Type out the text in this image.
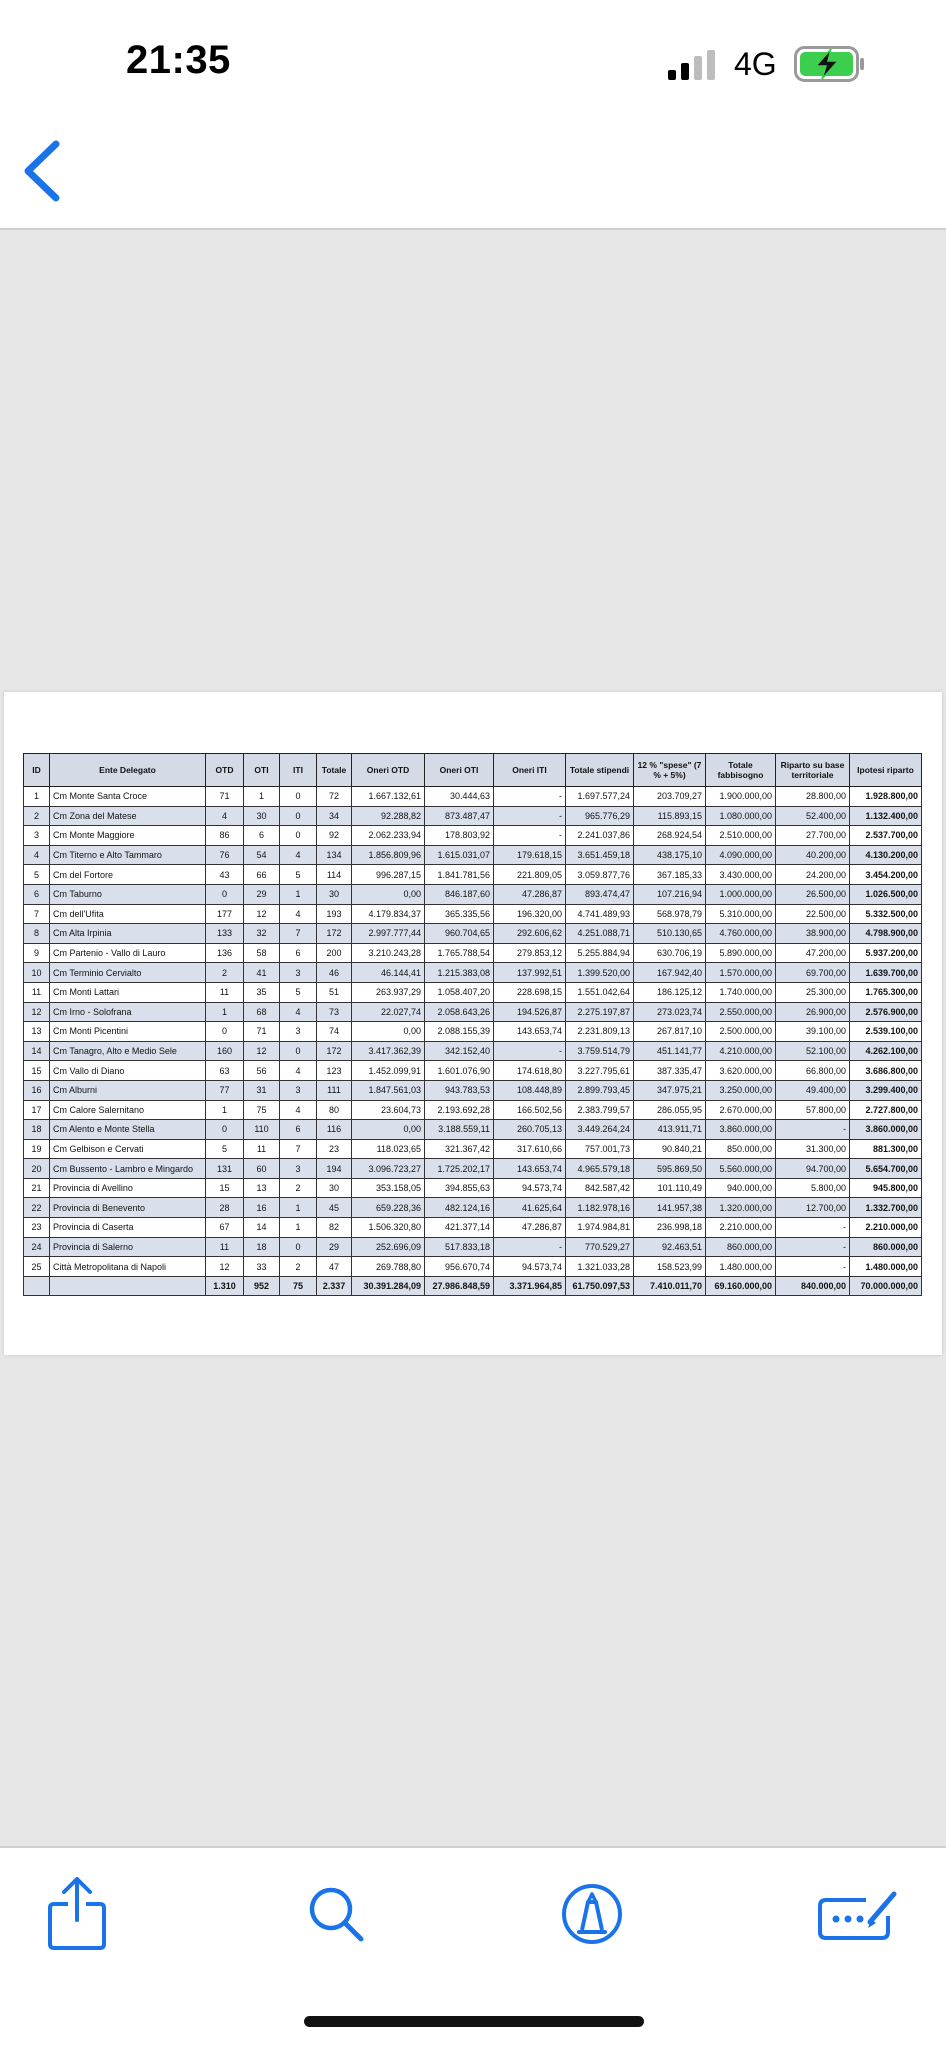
21:35	4G
ID	Ente Delegato	OTD	OTI	ITI	Totale	Oneri OTD	Oneri OTI	Oneri ITI	Totale stipendi	12 % "spese" (7 % + 5%)	Totale fabbisogno	Riparto su base territoriale	Ipotesi riparto
1	Cm Monte Santa Croce	71	1	0	72	1.667.132,61	30.444,63	-	1.697.577,24	203.709,27	1.900.000,00	28.800,00	1.928.800,00
2	Cm Zona del Matese	4	30	0	34	92.288,82	873.487,47	-	965.776,29	115.893,15	1.080.000,00	52.400,00	1.132.400,00
3	Cm Monte Maggiore	86	6	0	92	2.062.233,94	178.803,92	-	2.241.037,86	268.924,54	2.510.000,00	27.700,00	2.537.700,00
4	Cm Titerno e Alto Tammaro	76	54	4	134	1.856.809,96	1.615.031,07	179.618,15	3.651.459,18	438.175,10	4.090.000,00	40.200,00	4.130.200,00
5	Cm del Fortore	43	66	5	114	996.287,15	1.841.781,56	221.809,05	3.059.877,76	367.185,33	3.430.000,00	24.200,00	3.454.200,00
6	Cm Taburno	0	29	1	30	0,00	846.187,60	47.286,87	893.474,47	107.216,94	1.000.000,00	26.500,00	1.026.500,00
7	Cm dell'Ufita	177	12	4	193	4.179.834,37	365.335,56	196.320,00	4.741.489,93	568.978,79	5.310.000,00	22.500,00	5.332.500,00
8	Cm Alta Irpinia	133	32	7	172	2.997.777,44	960.704,65	292.606,62	4.251.088,71	510.130,65	4.760.000,00	38.900,00	4.798.900,00
9	Cm Partenio - Vallo di Lauro	136	58	6	200	3.210.243,28	1.765.788,54	279.853,12	5.255.884,94	630.706,19	5.890.000,00	47.200,00	5.937.200,00
10	Cm Terminio Cervialto	2	41	3	46	46.144,41	1.215.383,08	137.992,51	1.399.520,00	167.942,40	1.570.000,00	69.700,00	1.639.700,00
11	Cm Monti Lattari	11	35	5	51	263.937,29	1.058.407,20	228.698,15	1.551.042,64	186.125,12	1.740.000,00	25.300,00	1.765.300,00
12	Cm Irno - Solofrana	1	68	4	73	22.027,74	2.058.643,26	194.526,87	2.275.197,87	273.023,74	2.550.000,00	26.900,00	2.576.900,00
13	Cm Monti Picentini	0	71	3	74	0,00	2.088.155,39	143.653,74	2.231.809,13	267.817,10	2.500.000,00	39.100,00	2.539.100,00
14	Cm Tanagro, Alto e Medio Sele	160	12	0	172	3.417.362,39	342.152,40	-	3.759.514,79	451.141,77	4.210.000,00	52.100,00	4.262.100,00
15	Cm Vallo di Diano	63	56	4	123	1.452.099,91	1.601.076,90	174.618,80	3.227.795,61	387.335,47	3.620.000,00	66.800,00	3.686.800,00
16	Cm Alburni	77	31	3	111	1.847.561,03	943.783,53	108.448,89	2.899.793,45	347.975,21	3.250.000,00	49.400,00	3.299.400,00
17	Cm Calore Salernitano	1	75	4	80	23.604,73	2.193.692,28	166.502,56	2.383.799,57	286.055,95	2.670.000,00	57.800,00	2.727.800,00
18	Cm Alento e Monte Stella	0	110	6	116	0,00	3.188.559,11	260.705,13	3.449.264,24	413.911,71	3.860.000,00	-	3.860.000,00
19	Cm Gelbison e Cervati	5	11	7	23	118.023,65	321.367,42	317.610,66	757.001,73	90.840,21	850.000,00	31.300,00	881.300,00
20	Cm Bussento - Lambro e Mingardo	131	60	3	194	3.096.723,27	1.725.202,17	143.653,74	4.965.579,18	595.869,50	5.560.000,00	94.700,00	5.654.700,00
21	Provincia di Avellino	15	13	2	30	353.158,05	394.855,63	94.573,74	842.587,42	101.110,49	940.000,00	5.800,00	945.800,00
22	Provincia di Benevento	28	16	1	45	659.228,36	482.124,16	41.625,64	1.182.978,16	141.957,38	1.320.000,00	12.700,00	1.332.700,00
23	Provincia di Caserta	67	14	1	82	1.506.320,80	421.377,14	47.286,87	1.974.984,81	236.998,18	2.210.000,00	-	2.210.000,00
24	Provincia di Salerno	11	18	0	29	252.696,09	517.833,18	-	770.529,27	92.463,51	860.000,00	-	860.000,00
25	Città Metropolitana di Napoli	12	33	2	47	269.788,80	956.670,74	94.573,74	1.321.033,28	158.523,99	1.480.000,00	-	1.480.000,00
		1.310	952	75	2.337	30.391.284,09	27.986.848,59	3.371.964,85	61.750.097,53	7.410.011,70	69.160.000,00	840.000,00	70.000.000,00
